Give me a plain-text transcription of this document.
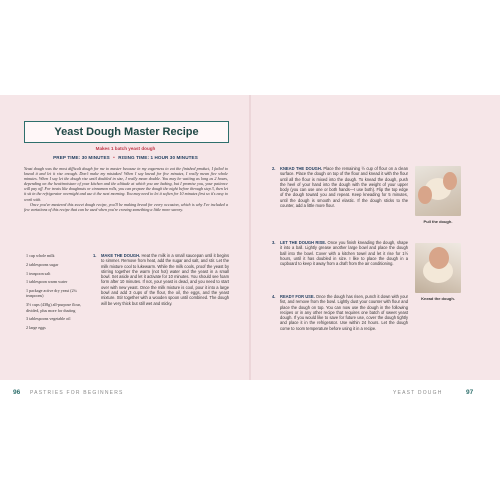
Yeast Dough Master Recipe
Makes 1 batch yeast dough
PREP TIME: 30 MINUTES • RISING TIME: 1 HOUR 30 MINUTES

Yeast dough was the most difficult dough for me to master because in my eagerness to eat the finished product, I failed to knead it and let it rise enough. Don't make my mistakes! When I say knead for five minutes, I really mean five whole minutes. When I say let the dough rise until doubled in size, I really mean double. You may be waiting as long as 2 hours, depending on the heat/moisture of your kitchen and the altitude at which you are baking, but I promise you, your patience will pay off. For treats like doughnuts or cinnamon rolls, you can prepare the dough the night before through step 3, then let it sit in the refrigerator overnight and use it the next morning. You may need to let it soften for 10 minutes first so it's easy to work with.

Once you've mastered this sweet dough recipe, you'll be making bread for every occasion, which is why I've included a few variations of this recipe that can be used when you're craving something a little more savory.

1 cup whole milk
2 tablespoons sugar
1 teaspoon salt
1 tablespoon warm water
1 package active dry yeast (2¼ teaspoons)
3½ cups (438g) all-purpose flour, divided, plus more for dusting
3 tablespoons vegetable oil
2 large eggs
1. MAKE THE DOUGH. Heat the milk in a small saucepan until it begins to simmer. Remove from heat, add the sugar and salt, and stir. Let the milk mixture cool to lukewarm. While the milk cools, proof the yeast by stirring together the warm (not hot) water and the yeast in a small bowl. Set aside and let it activate for 10 minutes. You should see foam form after 10 minutes. If not, your yeast is dead, and you need to start over with new yeast. Once the milk mixture is cool, pour it into a large bowl and add 3 cups of the flour, the oil, the eggs, and the yeast mixture. Stir together with a wooden spoon until combined. The dough will be very thick but still wet and sticky.
2. KNEAD THE DOUGH. Place the remaining ½ cup of flour on a clean surface. Place the dough on top of the flour and knead it with the flour until all the flour is mixed into the dough. To knead the dough, push the heel of your hand into the dough with the weight of your upper body (you can use one or both hands—I use both). Flip the top edge of the dough toward you and repeat. Keep kneading for 5 minutes, until the dough is smooth and elastic. If the dough sticks to the counter, add a little more flour.
3. LET THE DOUGH RISE. Once you finish kneading the dough, shape it into a ball. Lightly grease another large bowl and place the dough ball into the bowl. Cover with a kitchen towel and let it rise for 1½ hours, until it has doubled in size. I like to place the dough in a cupboard to keep it away from a draft from the air conditioning.
4. READY FOR USE. Once the dough has risen, punch it down with your fist, and remove from the bowl. Lightly dust your counter with flour and place the dough on top. You can now use the dough in the following recipes or in any other recipe that requires one batch of sweet yeast dough. If you would like to save for future use, cover the dough tightly and place it in the refrigerator. Use within 24 hours. Let the dough come to room temperature before using it in a recipe.
Pull the dough.
Knead the dough.
96 PASTRIES FOR BEGINNERS	YEAST DOUGH	97
